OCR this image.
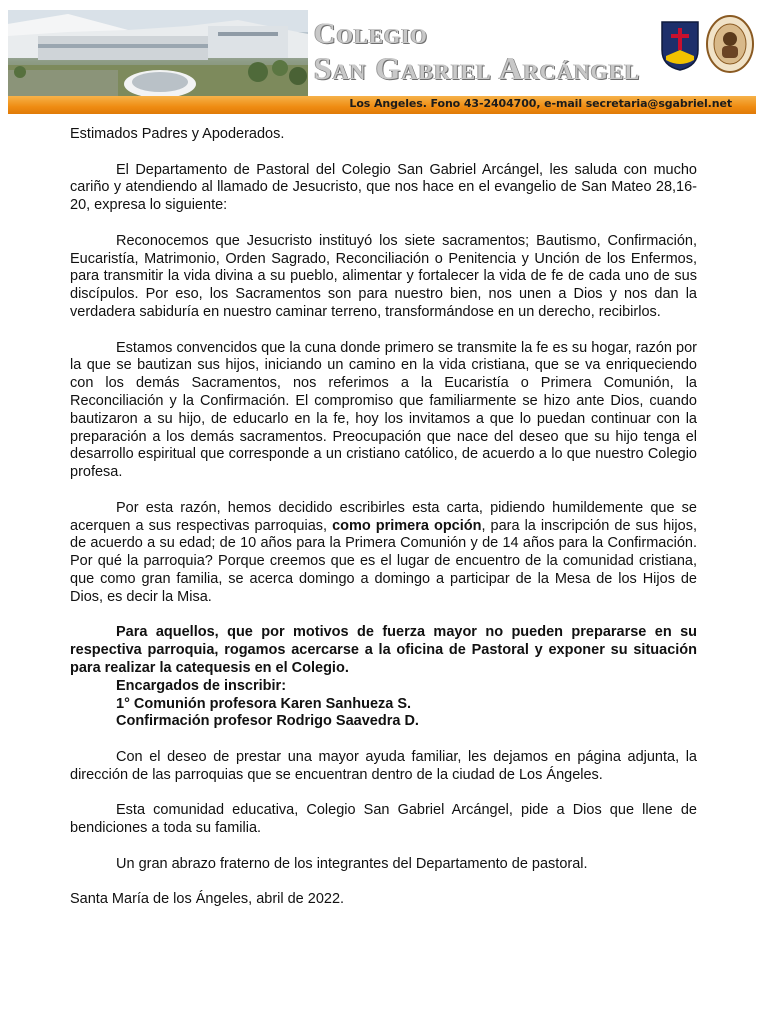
Colegio
San Gabriel Arcángel
Los Angeles. Fono 43-2404700, e-mail secretaria@sgabriel.net

Estimados Padres y Apoderados.

El Departamento de Pastoral del Colegio San Gabriel Arcángel, les saluda con mucho cariño y atendiendo al llamado de Jesucristo, que nos hace en el evangelio de San Mateo 28,16-20, expresa lo siguiente:

Reconocemos que Jesucristo instituyó los siete sacramentos; Bautismo, Confirmación, Eucaristía, Matrimonio, Orden Sagrado, Reconciliación o Penitencia y Unción de los Enfermos, para transmitir la vida divina a su pueblo, alimentar y fortalecer la vida de fe de cada uno de sus discípulos. Por eso, los Sacramentos son para nuestro bien, nos unen a Dios y nos dan la verdadera sabiduría en nuestro caminar terreno, transformándose en un derecho, recibirlos.

Estamos convencidos que la cuna donde primero se transmite la fe es su hogar, razón por la que se bautizan sus hijos, iniciando un camino en la vida cristiana, que se va enriqueciendo con los demás Sacramentos, nos referimos a la Eucaristía o Primera Comunión, la Reconciliación y la Confirmación. El compromiso que familiarmente se hizo ante Dios, cuando bautizaron a su hijo, de educarlo en la fe, hoy los invitamos a que lo puedan continuar con la preparación a los demás sacramentos. Preocupación que nace del deseo que su hijo tenga el desarrollo espiritual que corresponde a un cristiano católico, de acuerdo a lo que nuestro Colegio profesa.

Por esta razón, hemos decidido escribirles esta carta, pidiendo humildemente que se acerquen a sus respectivas parroquias, como primera opción, para la inscripción de sus hijos, de acuerdo a su edad; de 10 años para la Primera Comunión y de 14 años para la Confirmación. Por qué la parroquia? Porque creemos que es el lugar de encuentro de la comunidad cristiana, que como gran familia, se acerca domingo a domingo a participar de la Mesa de los Hijos de Dios, es decir la Misa.

Para aquellos, que por motivos de fuerza mayor no pueden prepararse en su respectiva parroquia, rogamos acercarse a la oficina de Pastoral y exponer su situación para realizar la catequesis en el Colegio.

Encargados de inscribir:

1° Comunión profesora Karen Sanhueza S.

Confirmación profesor Rodrigo Saavedra D.

Con el deseo de prestar una mayor ayuda familiar, les dejamos en página adjunta, la dirección de las parroquias que se encuentran dentro de la ciudad de Los Ángeles.

Esta comunidad educativa, Colegio San Gabriel Arcángel, pide a Dios que llene de bendiciones a toda su familia.

Un gran abrazo fraterno de los integrantes del Departamento de pastoral.

Santa María de los Ángeles, abril de 2022.
